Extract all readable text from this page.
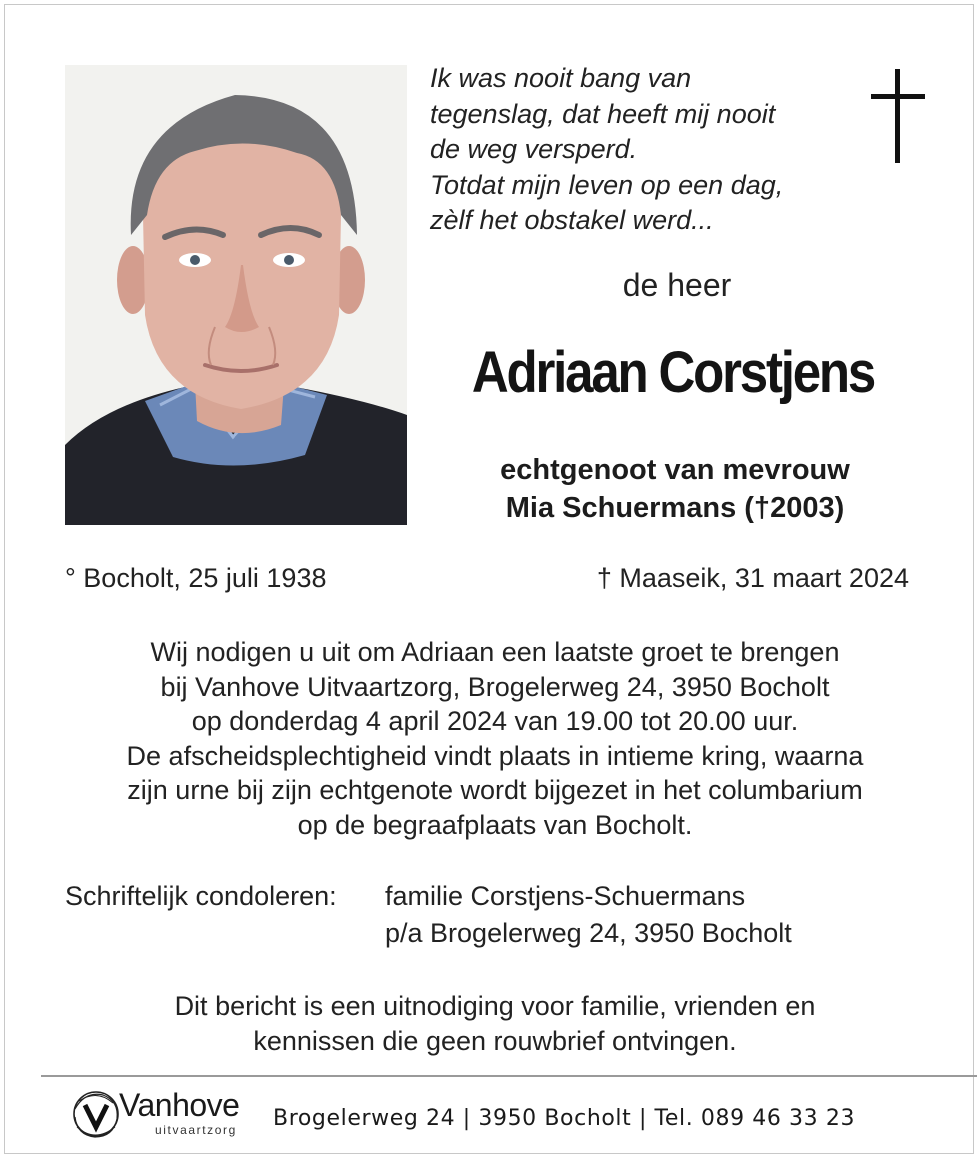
Ik was nooit bang van
tegenslag, dat heeft mij nooit
de weg versperd.
Totdat mijn leven op een dag,
zèlf het obstakel werd...
de heer
Adriaan Corstjens
echtgenoot van mevrouw
Mia Schuermans (†2003)
° Bocholt, 25 juli 1938	† Maaseik, 31 maart 2024
Wij nodigen u uit om Adriaan een laatste groet te brengen
bij Vanhove Uitvaartzorg, Brogelerweg 24, 3950 Bocholt
op donderdag 4 april 2024 van 19.00 tot 20.00 uur.
De afscheidsplechtigheid vindt plaats in intieme kring, waarna
zijn urne bij zijn echtgenote wordt bijgezet in het columbarium
op de begraafplaats van Bocholt.
Schriftelijk condoleren: familie Corstjens-Schuermans
p/a Brogelerweg 24, 3950 Bocholt
Dit bericht is een uitnodiging voor familie, vrienden en
kennissen die geen rouwbrief ontvingen.
Vanhove
uitvaartzorg Brogelerweg 24 | 3950 Bocholt | Tel. 089 46 33 23
